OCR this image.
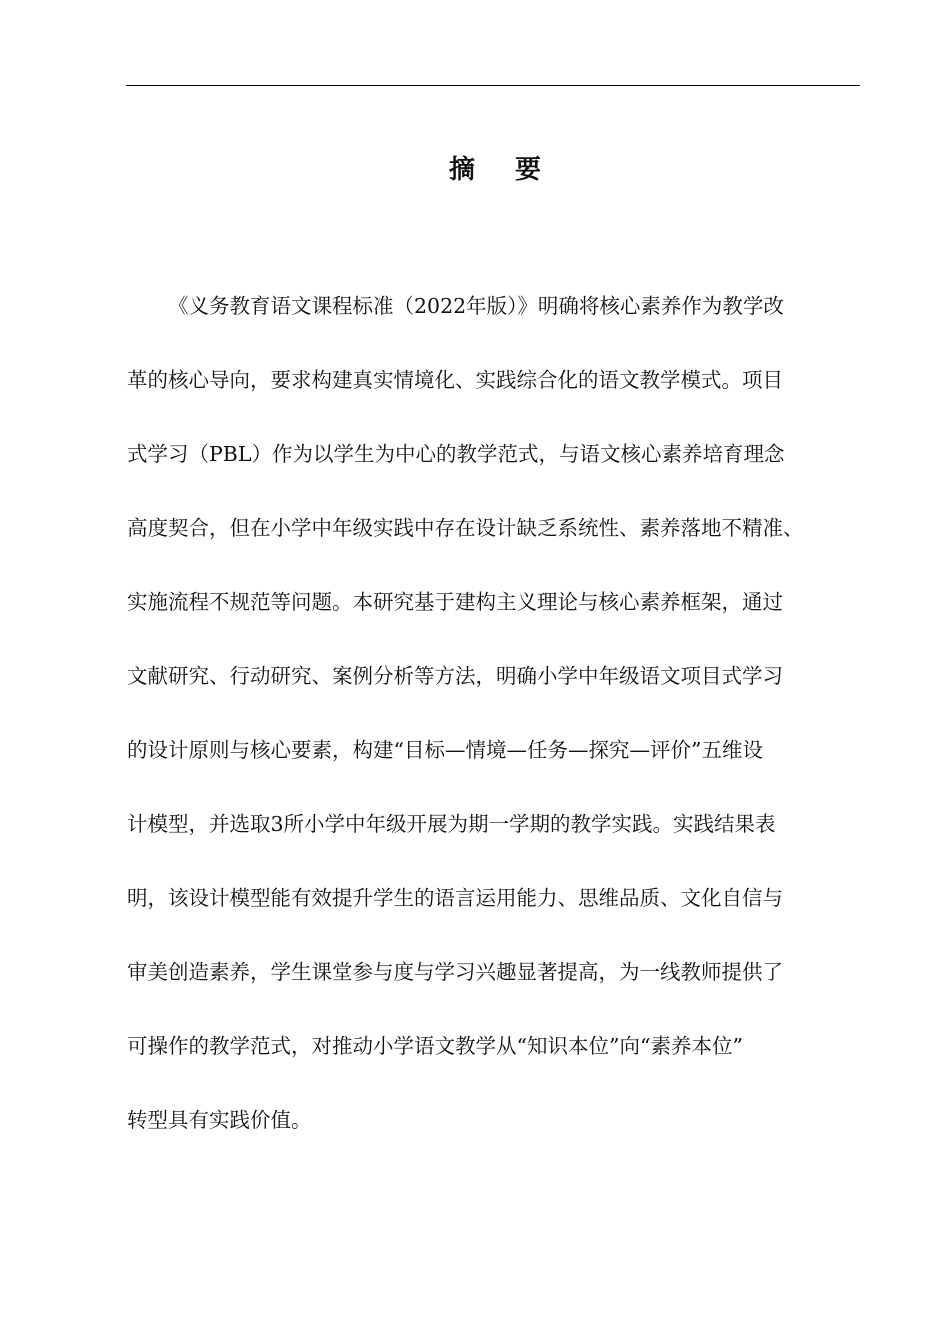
摘 要
《义务教育语文课程标准（2022年版）》明确将核心素养作为教学改
革的核心导向，要求构建真实情境化、实践综合化的语文教学模式。项目
式学习（PBL）作为以学生为中心的教学范式，与语文核心素养培育理念
高度契合，但在小学中年级实践中存在设计缺乏系统性、素养落地不精准、
实施流程不规范等问题。本研究基于建构主义理论与核心素养框架，通过
文献研究、行动研究、案例分析等方法，明确小学中年级语文项目式学习
的设计原则与核心要素，构建“目标—情境—任务—探究—评价”五维设
计模型，并选取3所小学中年级开展为期一学期的教学实践。实践结果表
明，该设计模型能有效提升学生的语言运用能力、思维品质、文化自信与
审美创造素养，学生课堂参与度与学习兴趣显著提高，为一线教师提供了
可操作的教学范式，对推动小学语文教学从“知识本位”向“素养本位”
转型具有实践价值。
